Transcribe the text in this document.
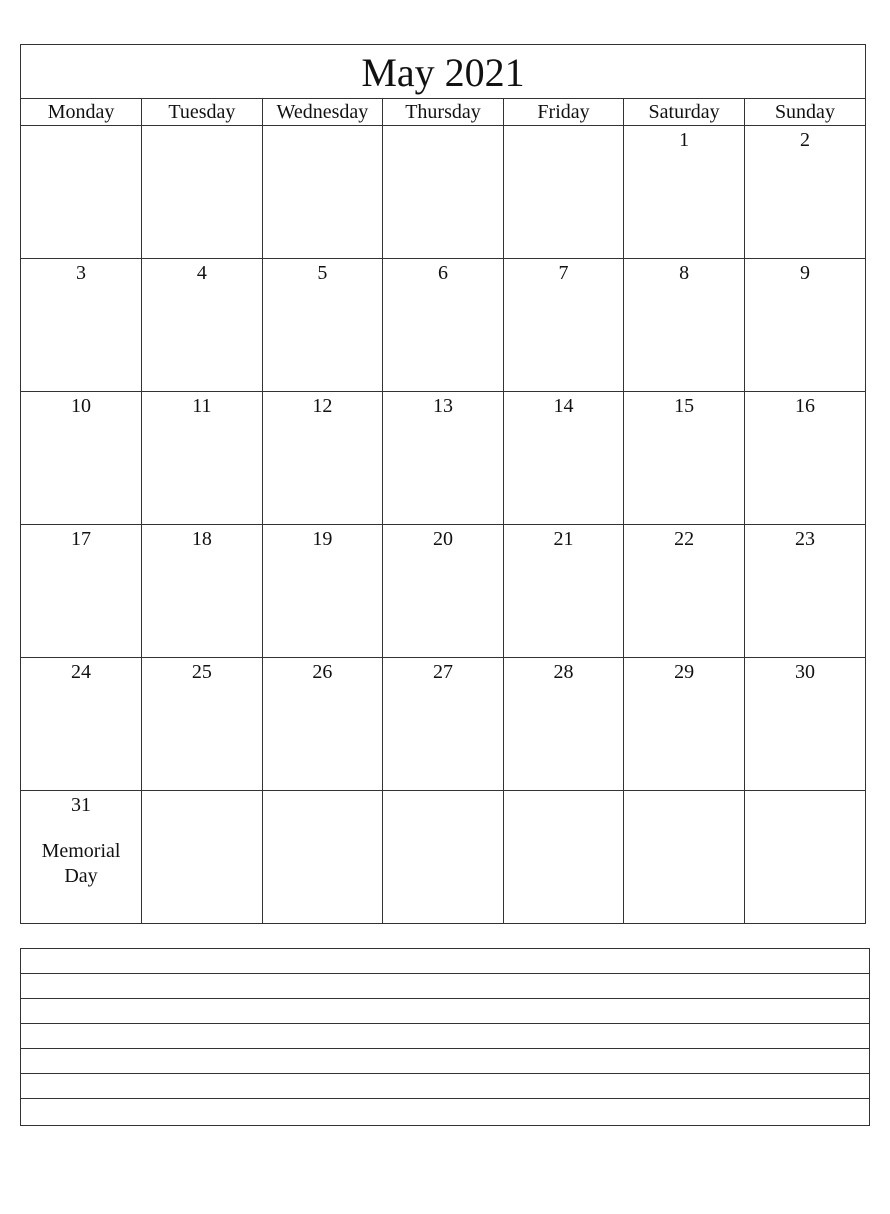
May 2021
Monday	Tuesday	Wednesday	Thursday	Friday	Saturday	Sunday

					1	2

3	4	5	6	7	8	9

10	11	12	13	14	15	16

17	18	19	20	21	22	23

24	25	26	27	28	29	30

31
Memorial Day						
